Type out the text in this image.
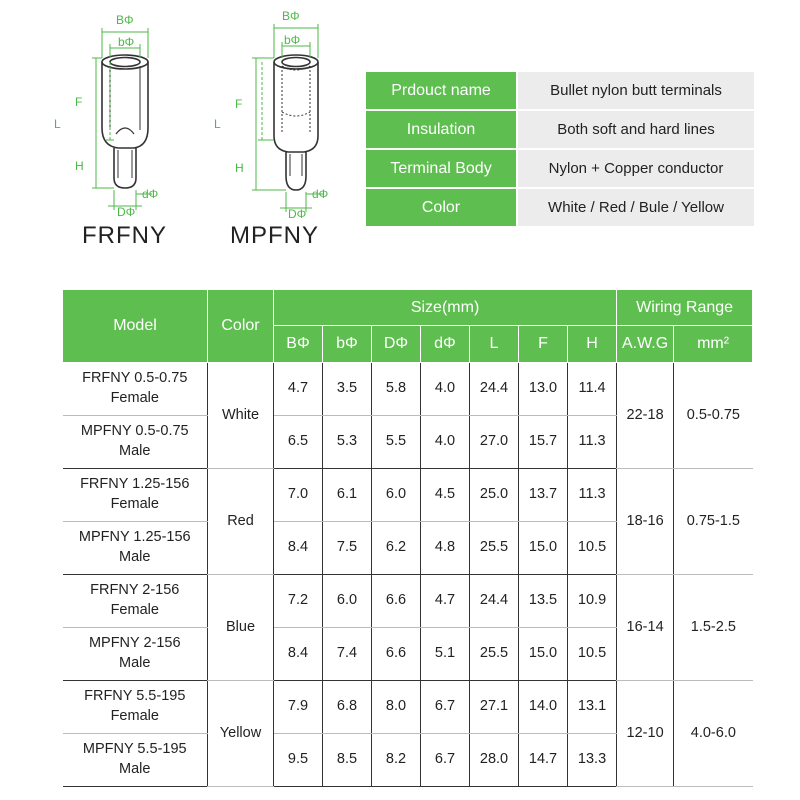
BΦ
bΦ
L
F
H
DΦ
dΦ
BΦ
bΦ
L
F
H
DΦ
dΦ
FRFNY	MPFNY
Prdouct name	Bullet nylon butt terminals
Insulation	Both soft and hard lines
Terminal Body	Nylon + Copper conductor
Color	White / Red / Bule / Yellow
Model	Color	Size(mm)							Wiring Range	
		BΦ	bΦ	DΦ	dΦ	L	F	H	A.W.G	mm²

FRFNY 0.5-0.75
Female	White	4.7	3.5	5.8	4.0	24.4	13.0	11.4	22-18	0.5-0.75

MPFNY 0.5-0.75
Male		6.5	5.3	5.5	4.0	27.0	15.7	11.3		

FRFNY 1.25-156
Female	Red	7.0	6.1	6.0	4.5	25.0	13.7	11.3	18-16	0.75-1.5

MPFNY 1.25-156
Male		8.4	7.5	6.2	4.8	25.5	15.0	10.5		

FRFNY 2-156
Female	Blue	7.2	6.0	6.6	4.7	24.4	13.5	10.9	16-14	1.5-2.5

MPFNY 2-156
Male		8.4	7.4	6.6	5.1	25.5	15.0	10.5		

FRFNY 5.5-195
Female	Yellow	7.9	6.8	8.0	6.7	27.1	14.0	13.1	12-10	4.0-6.0

MPFNY 5.5-195
Male		9.5	8.5	8.2	6.7	28.0	14.7	13.3		
